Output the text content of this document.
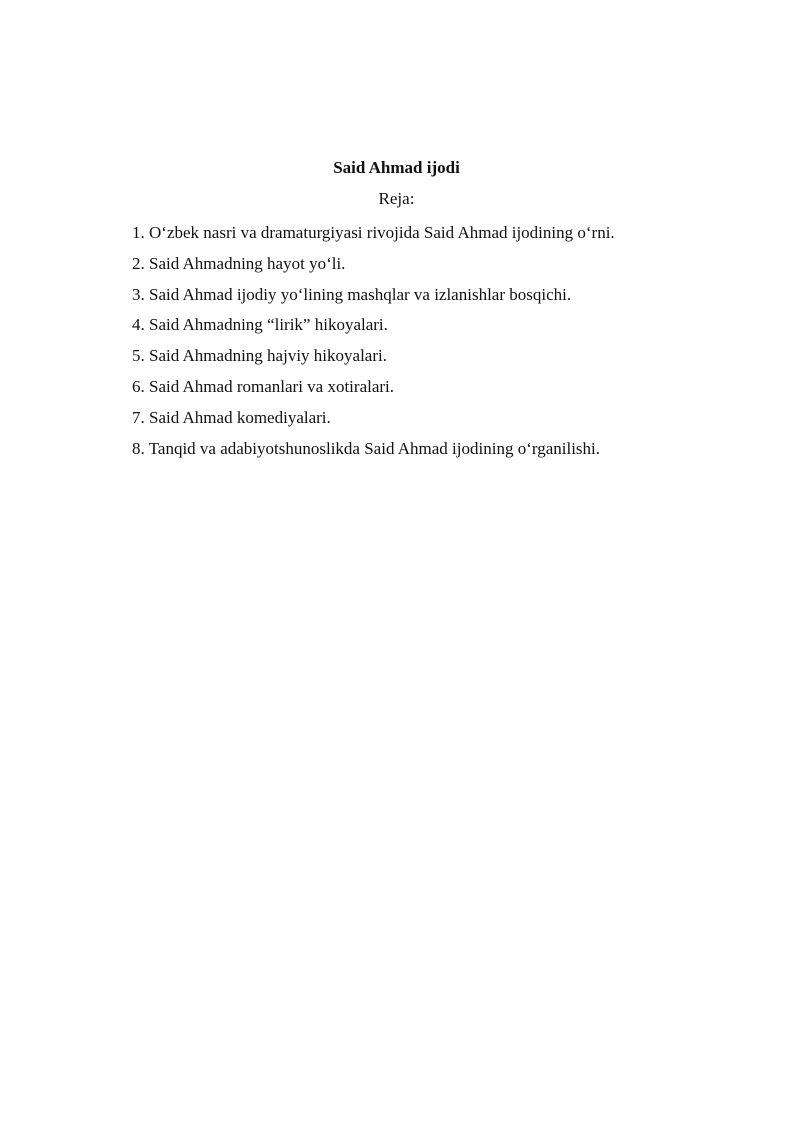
Said Ahmad ijodi
Reja:
1. O‘zbek nasri va dramaturgiyasi rivojida Said Ahmad ijodining o‘rni.
2. Said Ahmadning hayot yo‘li.
3. Said Ahmad ijodiy yo‘lining mashqlar va izlanishlar bosqichi.
4. Said Ahmadning “lirik” hikoyalari.
5. Said Ahmadning hajviy hikoyalari.
6. Said Ahmad romanlari va xotiralari.
7. Said Ahmad komediyalari.
8. Tanqid va adabiyotshunoslikda Said Ahmad ijodining o‘rganilishi.
